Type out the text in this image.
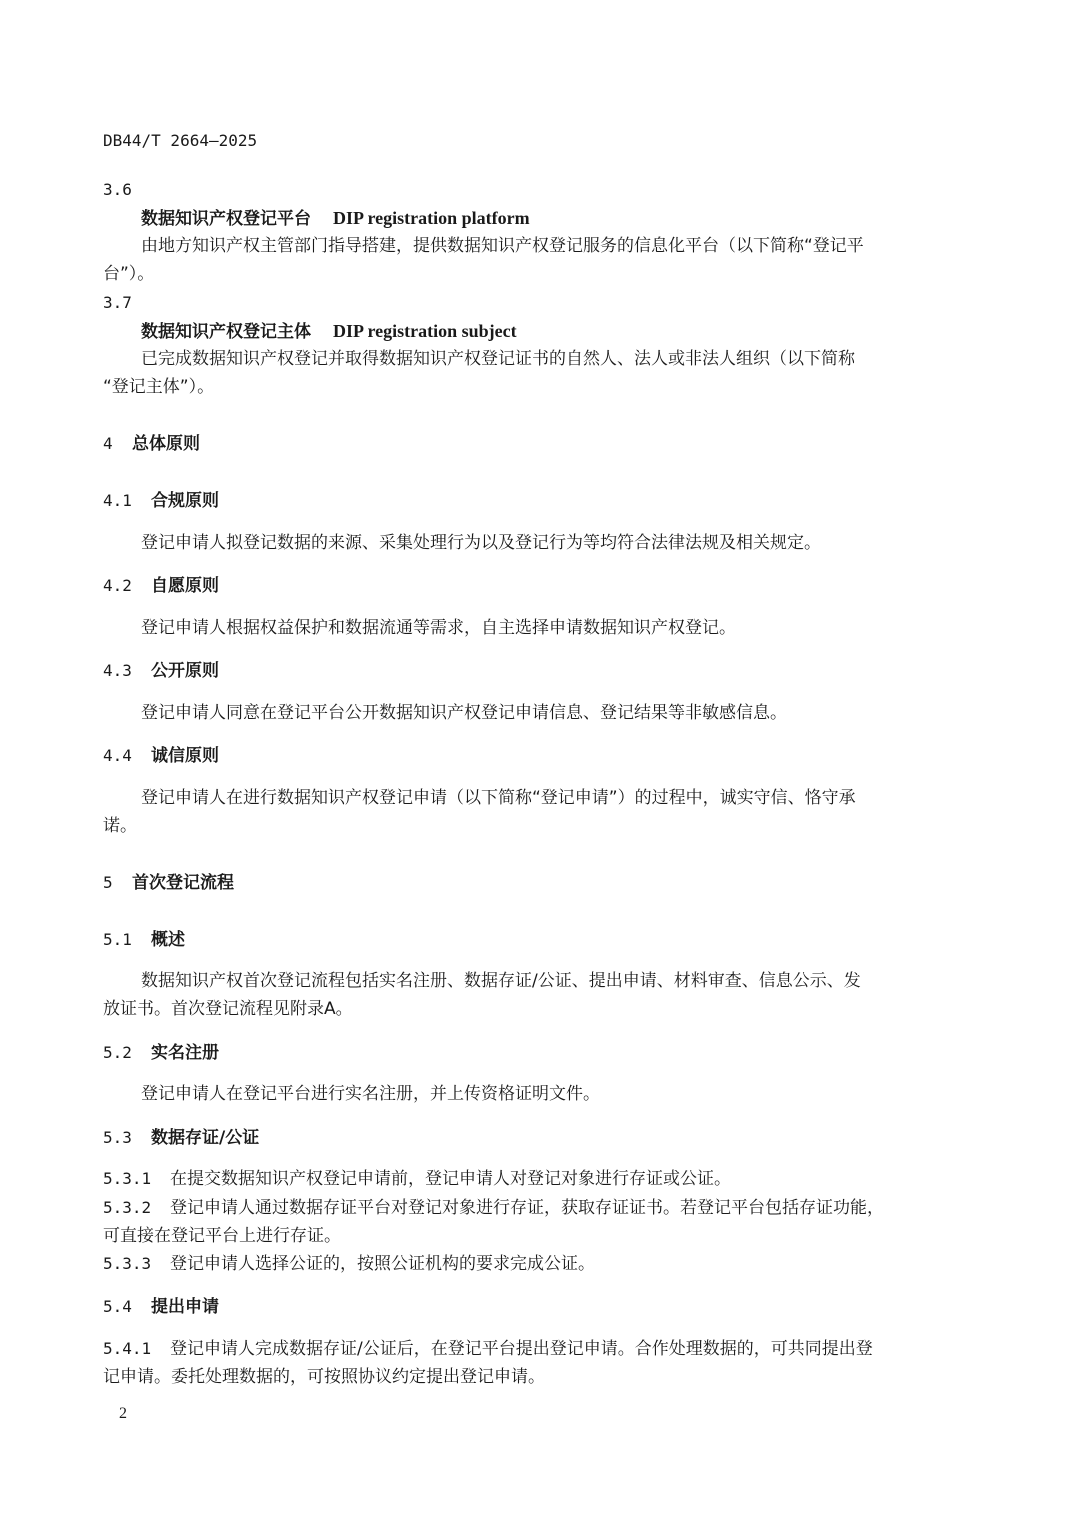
DB44/T 2664—2025
3.6
数据知识产权登记平台 DIP registration platform
由地方知识产权主管部门指导搭建，提供数据知识产权登记服务的信息化平台（以下简称“登记平
台”）。
3.7
数据知识产权登记主体 DIP registration subject
已完成数据知识产权登记并取得数据知识产权登记证书的自然人、法人或非法人组织（以下简称
“登记主体”）。
4 总体原则
4.1 合规原则
登记申请人拟登记数据的来源、采集处理行为以及登记行为等均符合法律法规及相关规定。
4.2 自愿原则
登记申请人根据权益保护和数据流通等需求，自主选择申请数据知识产权登记。
4.3 公开原则
登记申请人同意在登记平台公开数据知识产权登记申请信息、登记结果等非敏感信息。
4.4 诚信原则
登记申请人在进行数据知识产权登记申请（以下简称“登记申请”）的过程中，诚实守信、恪守承
诺。
5 首次登记流程
5.1 概述
数据知识产权首次登记流程包括实名注册、数据存证/公证、提出申请、材料审查、信息公示、发
放证书。首次登记流程见附录A。
5.2 实名注册
登记申请人在登记平台进行实名注册，并上传资格证明文件。
5.3 数据存证/公证
5.3.1 在提交数据知识产权登记申请前，登记申请人对登记对象进行存证或公证。
5.3.2 登记申请人通过数据存证平台对登记对象进行存证，获取存证证书。若登记平台包括存证功能，
可直接在登记平台上进行存证。
5.3.3 登记申请人选择公证的，按照公证机构的要求完成公证。
5.4 提出申请
5.4.1 登记申请人完成数据存证/公证后，在登记平台提出登记申请。合作处理数据的，可共同提出登
记申请。委托处理数据的，可按照协议约定提出登记申请。
2
